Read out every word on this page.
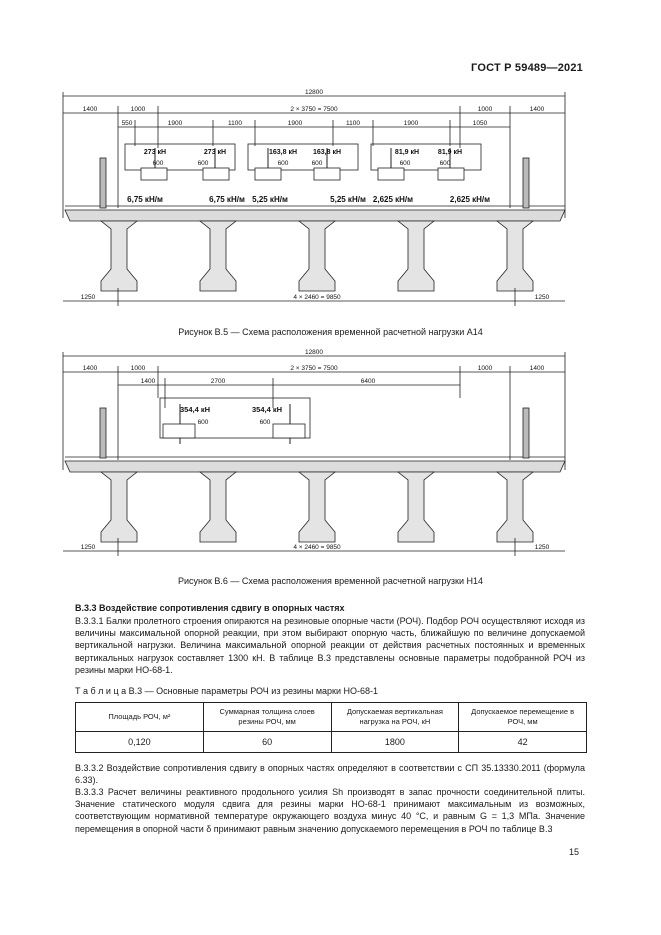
ГОСТ Р 59489—2021
12800
2 × 3750 = 7500
1400	1000	1000	1400
550	1900	1100	1900	1100	1900	1050
273 кН	273 кН	163,8 кН 163,8 кН	81,9 кН	81,9 кН
600	600	600	600	600	600
6,75 кН/м	6,75 кН/м 5,25 кН/м	5,25 кН/м 2,625 кН/м	2,625 кН/м
1250	4 × 2460 = 9850	1250
Рисунок В.5 — Схема расположения временной расчетной нагрузки А14
12800
2 × 3750 = 7500
1400	1000	1000	1400
1400	2700	6400
354,4 кН	354,4 кН
600	600
1250	4 × 2460 = 9850	1250
Рисунок В.6 — Схема расположения временной расчетной нагрузки Н14
В.3.3 Воздействие сопротивления сдвигу в опорных частях
В.3.3.1 Балки пролетного строения опираются на резиновые опорные части (РОЧ). Подбор РОЧ осуществляют исходя из величины максимальной опорной реакции, при этом выбирают опорную часть, ближайшую по величине допускаемой вертикальной нагрузки. Величина максимальной опорной реакции от действия расчетных постоянных и временных вертикальных нагрузок составляет 1300 кН. В таблице В.3 представлены основные параметры подобранной РОЧ из резины марки НО-68-1.
Т а б л и ц а В.3 — Основные параметры РОЧ из резины марки НО-68-1
Площадь РОЧ, м²	Суммарная толщина слоев резины РОЧ, мм	Допускаемая вертикальная нагрузка на РОЧ, кН	Допускаемое перемещение в РОЧ, мм
0,120	60	1800	42
В.3.3.2 Воздействие сопротивления сдвигу в опорных частях определяют в соответствии с СП 35.13330.2011 (формула 6.33).
В.3.3.3 Расчет величины реактивного продольного усилия Sh производят в запас прочности соединительной плиты. Значение статического модуля сдвига для резины марки НО-68-1 принимают максимальным из возможных, соответствующим нормативной температуре окружающего воздуха минус 40 °С, и равным G = 1,3 МПа. Значение перемещения в опорной части δ принимают равным значению допускаемого перемещения в РОЧ по таблице В.3
15
